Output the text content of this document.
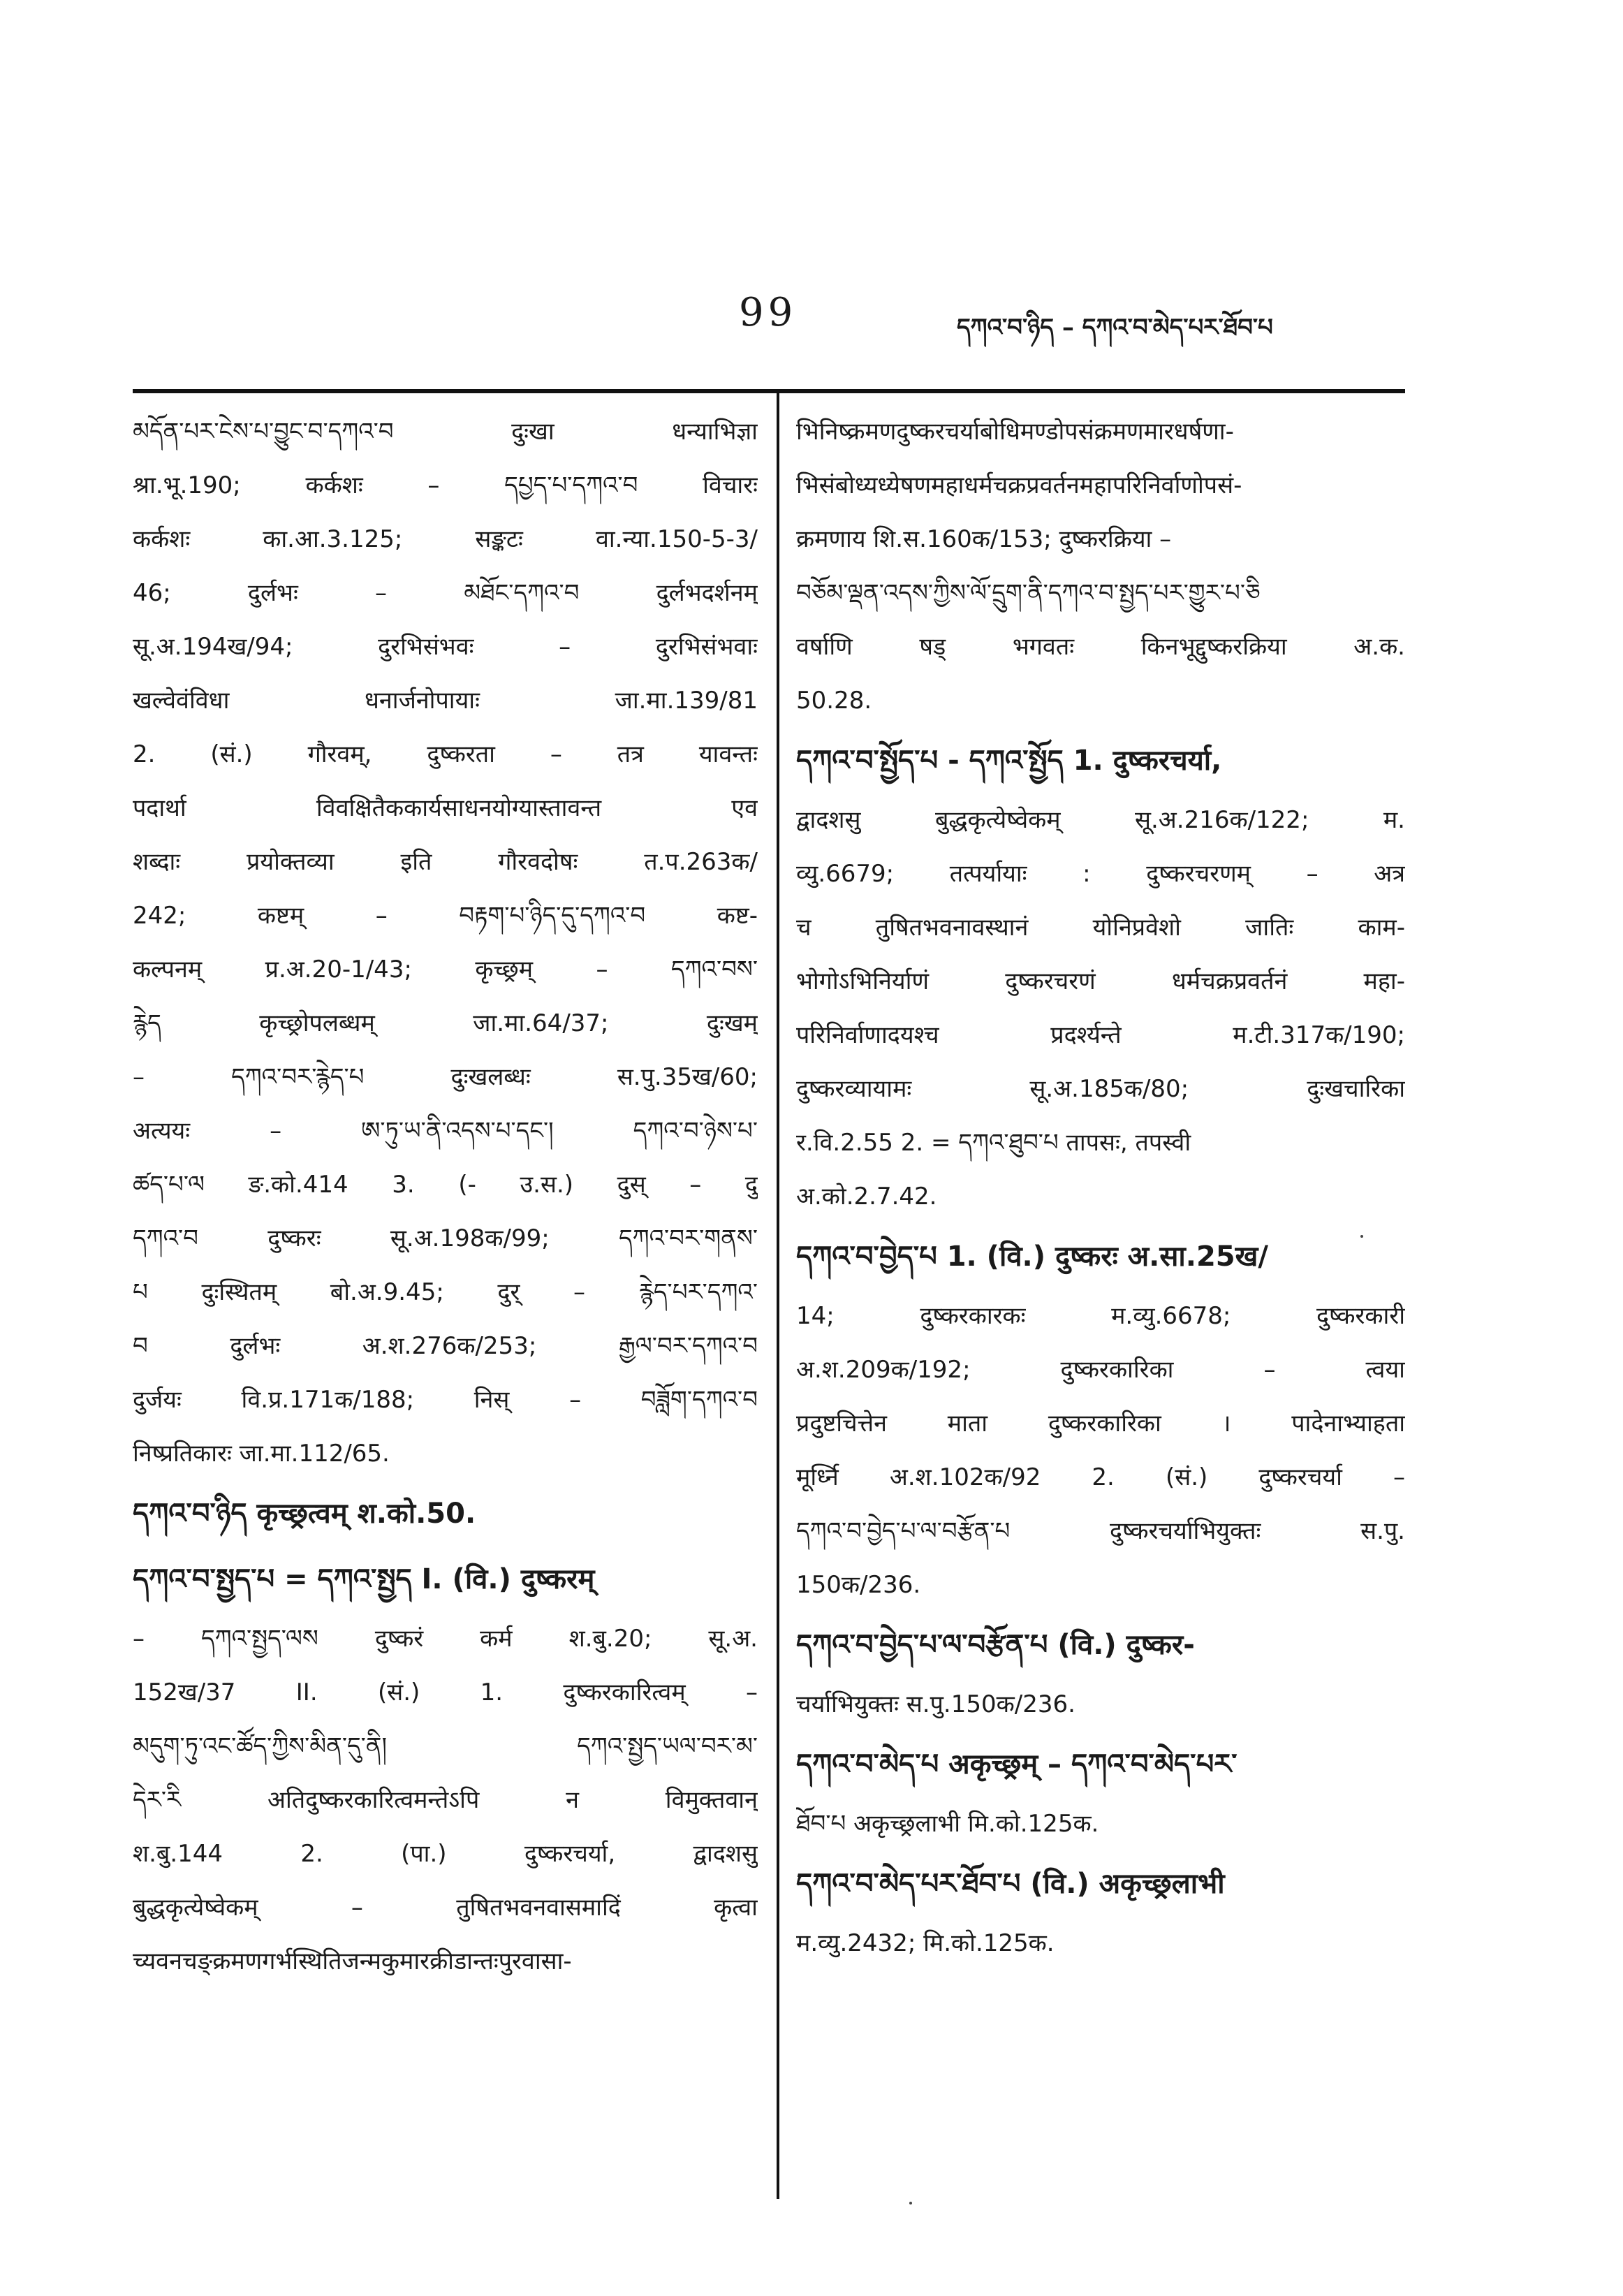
99	དཀའ་བ་ཉིད – དཀའ་བ་མེད་པར་ཐོབ་པ
མདོན་པར་ངེས་པ་བྱུང་བ་དཀའ་བ दुःखा धन्याभिज्ञा
श्रा.भू.190; कर्कशः – དཔྱད་པ་དཀའ་བ विचारः
कर्कशः का.आ.3.125; सङ्कटः वा.न्या.150-5-3/
46; दुर्लभः – མཐོང་དཀའ་བ दुर्लभदर्शनम्
सू.अ.194ख/94; दुरभिसंभवः – दुरभिसंभवाः
खल्वेवंविधा धनार्जनोपायाः जा.मा.139/81
2. (सं.) गौरवम्, दुष्करता – तत्र यावन्तः
पदार्था विवक्षितैककार्यसाधनयोग्यास्तावन्त एव
शब्दाः प्रयोक्तव्या इति गौरवदोषः त.प.263क/
242; कष्टम् – བརྟག་པ་ཉིད་དུ་དཀའ་བ कष्ट-
कल्पनम् प्र.अ.20-1/43; कृच्छ्रम् – དཀའ་བས་
རྙེད कृच्छ्रोपलब्धम् जा.मा.64/37; दुःखम्
– དཀའ་བར་རྙེད་པ दुःखलब्धः स.पु.35ख/60;
अत्ययः – ཨ་ཏུ་ཡ་ནི་འདས་པ་དང་། དཀའ་བ་ཉེས་པ་
ཚད་པ་ལ ङ.को.414 3. (- उ.स.) दुस् – दु
དཀའ་བ दुष्करः सू.अ.198क/99; དཀའ་བར་གནས་
པ दुःस्थितम् बो.अ.9.45; दुर् – རྙེད་པར་དཀའ་
བ दुर्लभः अ.श.276क/253; རྒྱལ་བར་དཀའ་བ
दुर्जयः वि.प्र.171क/188; निस् – བཟློག་དཀའ་བ
निष्प्रतिकारः जा.मा.112/65.
དཀའ་བ་ཉིད कृच्छ्रत्वम् श.को.50.
དཀའ་བ་སྤྱད་པ = དཀའ་སྤྱད I. (वि.) दुष्करम्
– དཀའ་སྤྱད་ལས दुष्करं कर्म श.बु.20; सू.अ.
152ख/37 II. (सं.) 1. दुष्करकारित्वम् –
མདུག་ཏུ་འང་ཚོད་ཀྱིས་མིན་དུ་ནི། དཀའ་སྤྱད་ཡལ་བར་མ་
དེར་རི अतिदुष्करकारित्वमन्तेऽपि न विमुक्तवान्
श.बु.144 2. (पा.) दुष्करचर्या, द्वादशसु
बुद्धकृत्येष्वेकम् – तुषितभवनवासमादिं कृत्वा
च्यवनचङ्क्रमणगर्भस्थितिजन्मकुमारक्रीडान्तःपुरवासा-
भिनिष्क्रमणदुष्करचर्याबोधिमण्डोपसंक्रमणमारधर्षणा-
भिसंबोध्यध्येषणमहाधर्मचक्रप्रवर्तनमहापरिनिर्वाणोपसं-
क्रमणाय शि.स.160क/153; दुष्करक्रिया –
བཅོམ་ལྡན་འདས་ཀྱིས་ལོ་དྲུག་ནི་དཀའ་བ་སྤྱད་པར་གྱུར་པ་ཅི
वर्षाणि षड् भगवतः किनभूद्दुष्करक्रिया अ.क.
50.28.
དཀའ་བ་སྤྱོད་པ - དཀའ་སྤྱོད 1. दुष्करचर्या,
द्वादशसु बुद्धकृत्येष्वेकम् सू.अ.216क/122; म.
व्यु.6679; तत्पर्यायाः : दुष्करचरणम् – अत्र
च तुषितभवनावस्थानं योनिप्रवेशो जातिः काम-
भोगोऽभिनिर्याणं दुष्करचरणं धर्मचक्रप्रवर्तनं महा-
परिनिर्वाणादयश्च प्रदर्श्यन्ते म.टी.317क/190;
दुष्करव्यायामः सू.अ.185क/80; दुःखचारिका
र.वि.2.55 2. = དཀའ་ཐུབ་པ तापसः, तपस्वी
अ.को.2.7.42.
དཀའ་བ་བྱེད་པ 1. (वि.) दुष्करः अ.सा.25ख/
14; दुष्करकारकः म.व्यु.6678; दुष्करकारी
अ.श.209क/192; दुष्करकारिका – त्वया
प्रदुष्टचित्तेन माता दुष्करकारिका । पादेनाभ्याहता
मूर्ध्नि अ.श.102क/92 2. (सं.) दुष्करचर्या –
དཀའ་བ་བྱེད་པ་ལ་བརྩོན་པ दुष्करचर्याभियुक्तः स.पु.
150क/236.
དཀའ་བ་བྱེད་པ་ལ་བརྩོན་པ (वि.) दुष्कर-
चर्याभियुक्तः स.पु.150क/236.
དཀའ་བ་མེད་པ अकृच्छ्रम् – དཀའ་བ་མེད་པར་
ཐོབ་པ अकृच्छ्रलाभी मि.को.125क.
དཀའ་བ་མེད་པར་ཐོབ་པ (वि.) अकृच्छ्रलाभी
म.व्यु.2432; मि.को.125क.
